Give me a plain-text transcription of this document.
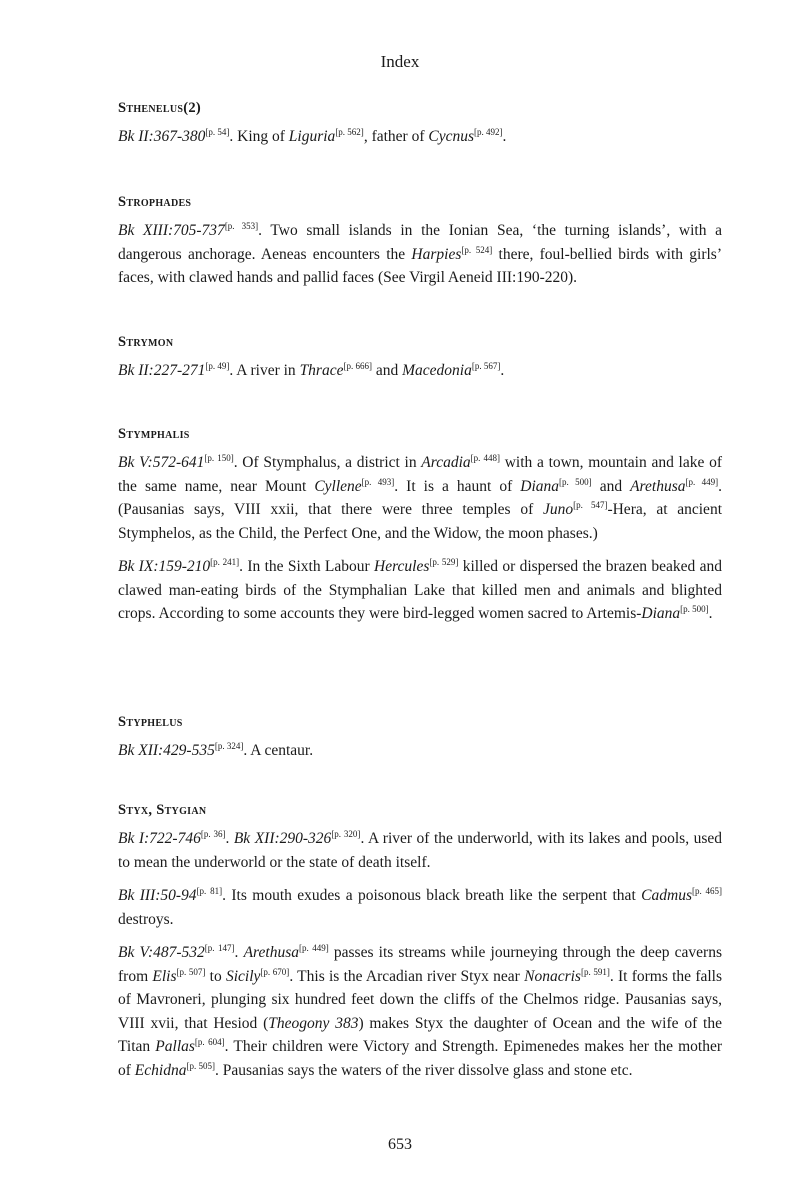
Index
Sthenelus(2)

Bk II:367-380[p. 54]. King of Liguria[p. 562], father of Cycnus[p. 492].

Strophades

Bk XIII:705-737[p. 353]. Two small islands in the Ionian Sea, ‘the turning islands’, with a dangerous anchorage. Aeneas encounters the Harpies[p. 524] there, foul-bellied birds with girls’ faces, with clawed hands and pallid faces (See Virgil Aeneid III:190-220).

Strymon

Bk II:227-271[p. 49]. A river in Thrace[p. 666] and Macedonia[p. 567].

Stymphalis

Bk V:572-641[p. 150]. Of Stymphalus, a district in Arcadia[p. 448] with a town, mountain and lake of the same name, near Mount Cyllene[p. 493]. It is a haunt of Diana[p. 500] and Arethusa[p. 449]. (Pausanias says, VIII xxii, that there were three temples of Juno[p. 547]-Hera, at ancient Stymphelos, as the Child, the Perfect One, and the Widow, the moon phases.)

Bk IX:159-210[p. 241]. In the Sixth Labour Hercules[p. 529] killed or dispersed the brazen beaked and clawed man-eating birds of the Stymphalian Lake that killed men and animals and blighted crops. According to some accounts they were bird-legged women sacred to Artemis-Diana[p. 500].

Styphelus

Bk XII:429-535[p. 324]. A centaur.

Styx, Stygian

Bk I:722-746[p. 36]. Bk XII:290-326[p. 320]. A river of the underworld, with its lakes and pools, used to mean the underworld or the state of death itself.

Bk III:50-94[p. 81]. Its mouth exudes a poisonous black breath like the serpent that Cadmus[p. 465] destroys.

Bk V:487-532[p. 147]. Arethusa[p. 449] passes its streams while journeying through the deep caverns from Elis[p. 507] to Sicily[p. 670]. This is the Arcadian river Styx near Nonacris[p. 591]. It forms the falls of Mavroneri, plunging six hundred feet down the cliffs of the Chelmos ridge. Pausanias says, VIII xvii, that Hesiod (Theogony 383) makes Styx the daughter of Ocean and the wife of the Titan Pallas[p. 604]. Their children were Victory and Strength. Epimenedes makes her the mother of Echidna[p. 505]. Pausanias says the waters of the river dissolve glass and stone etc.

653
